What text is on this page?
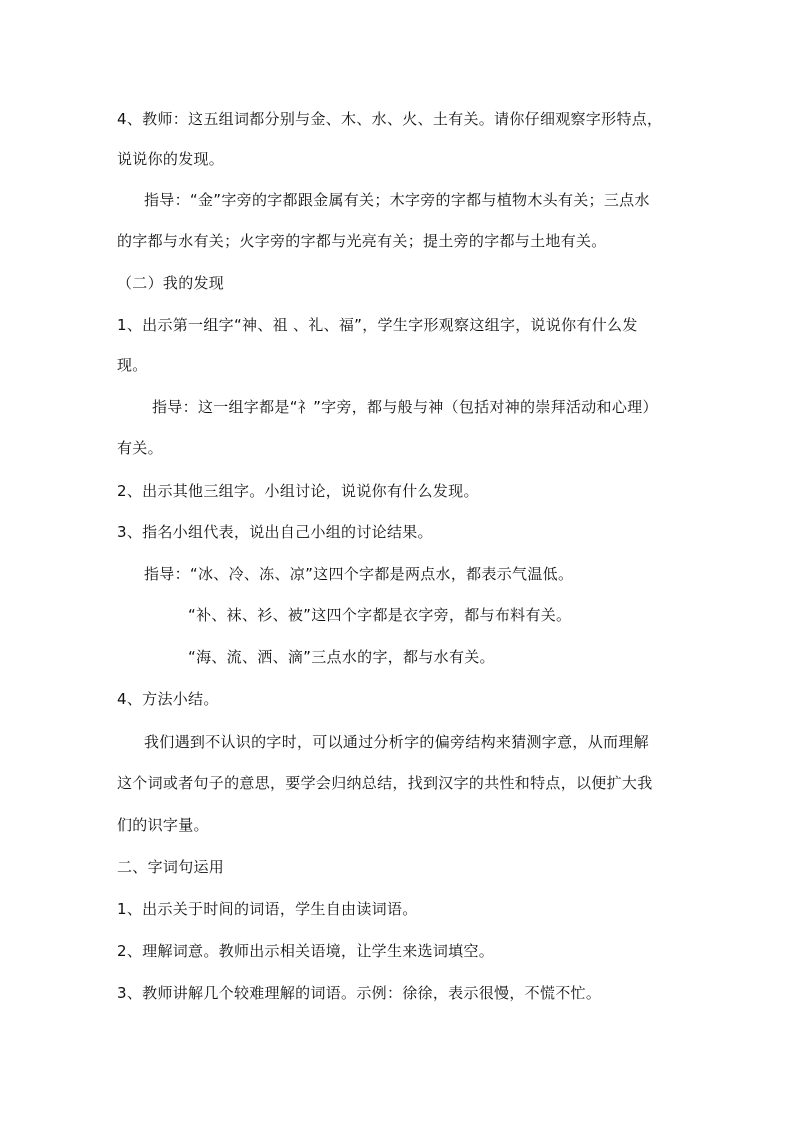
4、教师：这五组词都分别与金、木、水、火、土有关。请你仔细观察字形特点，
说说你的发现。
指导：“金”字旁的字都跟金属有关；木字旁的字都与植物木头有关；三点水
的字都与水有关；火字旁的字都与光亮有关；提土旁的字都与土地有关。
（二）我的发现
1、出示第一组字“神、祖 、礼、福”，学生字形观察这组字，说说你有什么发
现。
指导：这一组字都是“礻”字旁，都与般与神（包括对神的崇拜活动和心理）
有关。
2、出示其他三组字。小组讨论，说说你有什么发现。
3、指名小组代表，说出自己小组的讨论结果。
指导：“冰、冷、冻、凉”这四个字都是两点水，都表示气温低。
“补、袜、衫、被”这四个字都是衣字旁，都与布料有关。
“海、流、洒、滴”三点水的字，都与水有关。
4、方法小结。
我们遇到不认识的字时，可以通过分析字的偏旁结构来猜测字意，从而理解
这个词或者句子的意思，要学会归纳总结，找到汉字的共性和特点，以便扩大我
们的识字量。
二、字词句运用
1、出示关于时间的词语，学生自由读词语。
2、理解词意。教师出示相关语境，让学生来选词填空。
3、教师讲解几个较难理解的词语。示例：徐徐，表示很慢，不慌不忙。
